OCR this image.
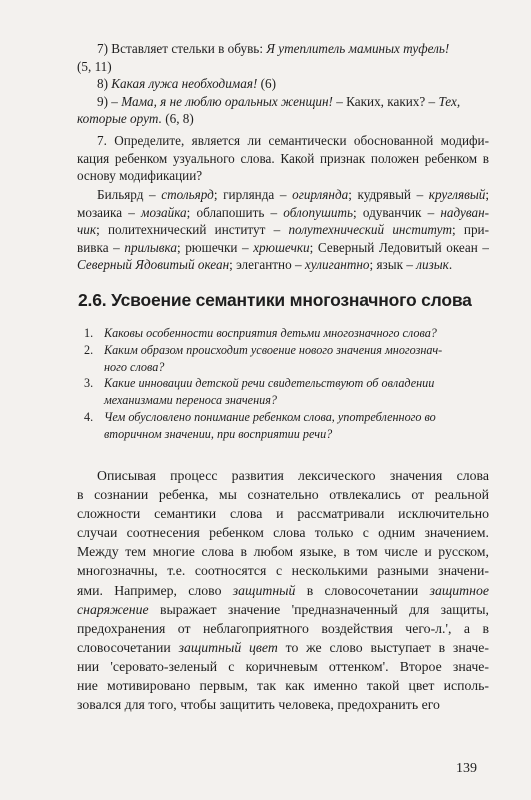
7) Вставляет стельки в обувь: Я утеплитель маминых туфель!
(5, 11)
8) Какая лужа необходимая! (6)
9) – Мама, я не люблю оральных женщин! – Каких, каких? – Тех,
которые орут. (6, 8)
7. Определите, является ли семантически обоснованной модифи-
кация ребенком узуального слова. Какой признак положен ребенком в
основу модификации?
Бильярд – стольярд; гирлянда – огирлянда; кудрявый – круглявый;
мозаика – мозайка; облапошить – облопушить; одуванчик – надуван-
чик; политехнический институт – полутехнический институт; при-
вивка – прилывка; рюшечки – хрюшечки; Северный Ледовитый океан –
Северный Ядовитый океан; элегантно – хулигантно; язык – лизык.
2.6. Усвоение семантики многозначного слова
1. Каковы особенности восприятия детьми многозначного слова?
2. Каким образом происходит усвоение нового значения многознач-
ного слова?
3. Какие инновации детской речи свидетельствуют об овладении
механизмами переноса значения?
4. Чем обусловлено понимание ребенком слова, употребленного во
вторичном значении, при восприятии речи?
Описывая процесс развития лексического значения слова
в сознании ребенка, мы сознательно отвлекались от реальной
сложности семантики слова и рассматривали исключительно
случаи соотнесения ребенком слова только с одним значением.
Между тем многие слова в любом языке, в том числе и русском,
многозначны, т.е. соотносятся с несколькими разными значени-
ями. Например, слово защитный в словосочетании защитное
снаряжение выражает значение 'предназначенный для защиты,
предохранения от неблагоприятного воздействия чего-л.', а в
словосочетании защитный цвет то же слово выступает в значе-
нии 'серовато-зеленый с коричневым оттенком'. Второе значе-
ние мотивировано первым, так как именно такой цвет исполь-
зовался для того, чтобы защитить человека, предохранить его
139
